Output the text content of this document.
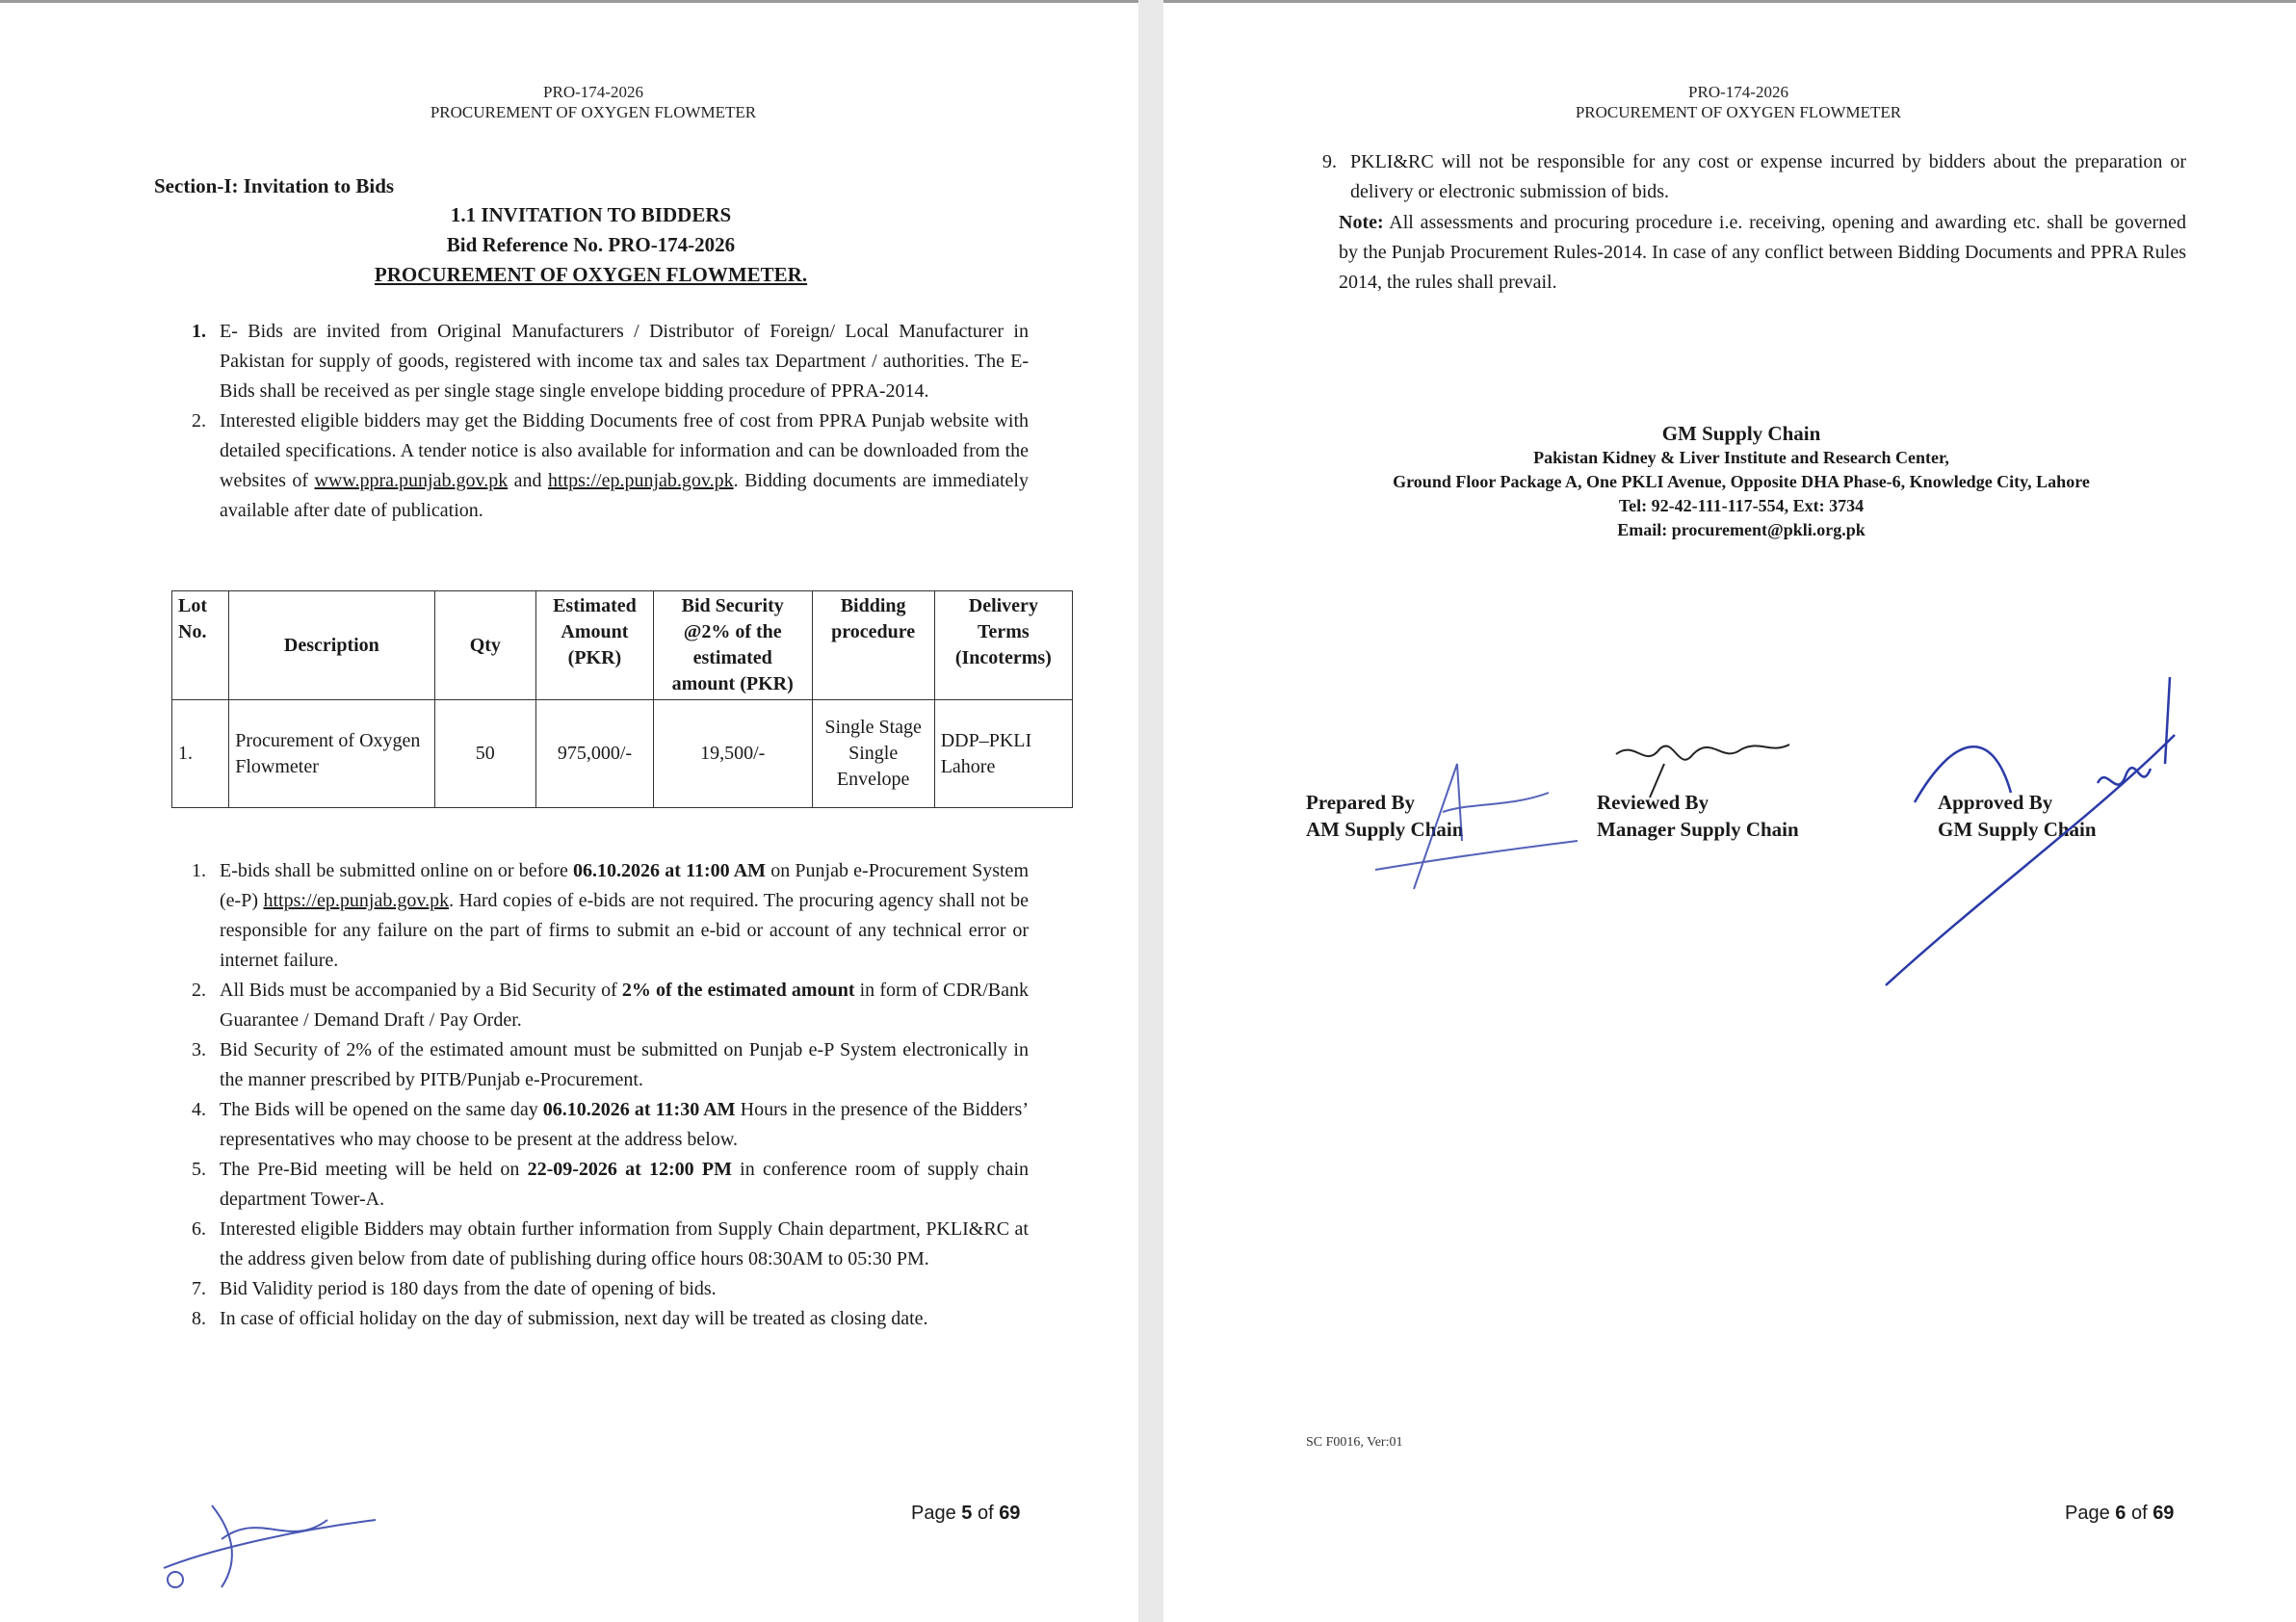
PRO-174-2026
PROCUREMENT OF OXYGEN FLOWMETER
Section-I: Invitation to Bids
1.1 INVITATION TO BIDDERS
Bid Reference No. PRO-174-2026
PROCUREMENT OF OXYGEN FLOWMETER.
1. E- Bids are invited from Original Manufacturers / Distributor of Foreign/ Local Manufacturer in Pakistan for supply of goods, registered with income tax and sales tax Department / authorities. The E- Bids shall be received as per single stage single envelope bidding procedure of PPRA-2014.
2. Interested eligible bidders may get the Bidding Documents free of cost from PPRA Punjab website with detailed specifications. A tender notice is also available for information and can be downloaded from the websites of www.ppra.punjab.gov.pk and https://ep.punjab.gov.pk. Bidding documents are immediately available after date of publication.
Lot No.	Description	Qty	Estimated Amount (PKR)	Bid Security @2% of the estimated amount (PKR)	Bidding procedure	Delivery Terms (Incoterms)
1.	Procurement of Oxygen Flowmeter	50	975,000/-	19,500/-	Single Stage Single Envelope	DDP–PKLI Lahore
1. E-bids shall be submitted online on or before 06.10.2026 at 11:00 AM on Punjab e-Procurement System (e-P) https://ep.punjab.gov.pk. Hard copies of e-bids are not required. The procuring agency shall not be responsible for any failure on the part of firms to submit an e-bid or account of any technical error or internet failure.
2. All Bids must be accompanied by a Bid Security of 2% of the estimated amount in form of CDR/Bank Guarantee / Demand Draft / Pay Order.
3. Bid Security of 2% of the estimated amount must be submitted on Punjab e-P System electronically in the manner prescribed by PITB/Punjab e-Procurement.
4. The Bids will be opened on the same day 06.10.2026 at 11:30 AM Hours in the presence of the Bidders’ representatives who may choose to be present at the address below.
5. The Pre-Bid meeting will be held on 22-09-2026 at 12:00 PM in conference room of supply chain department Tower-A.
6. Interested eligible Bidders may obtain further information from Supply Chain department, PKLI&RC at the address given below from date of publishing during office hours 08:30AM to 05:30 PM.
7. Bid Validity period is 180 days from the date of opening of bids.
8. In case of official holiday on the day of submission, next day will be treated as closing date.
Page 5 of 69
PRO-174-2026
PROCUREMENT OF OXYGEN FLOWMETER
9. PKLI&RC will not be responsible for any cost or expense incurred by bidders about the preparation or delivery or electronic submission of bids.
Note: All assessments and procuring procedure i.e. receiving, opening and awarding etc. shall be governed by the Punjab Procurement Rules-2014. In case of any conflict between Bidding Documents and PPRA Rules 2014, the rules shall prevail.
GM Supply Chain
Pakistan Kidney & Liver Institute and Research Center,
Ground Floor Package A, One PKLI Avenue, Opposite DHA Phase-6, Knowledge City, Lahore
Tel: 92-42-111-117-554, Ext: 3734
Email: procurement@pkli.org.pk
Prepared By
AM Supply Chain
Reviewed By
Manager Supply Chain
Approved By
GM Supply Chain
SC F0016, Ver:01
Page 6 of 69
